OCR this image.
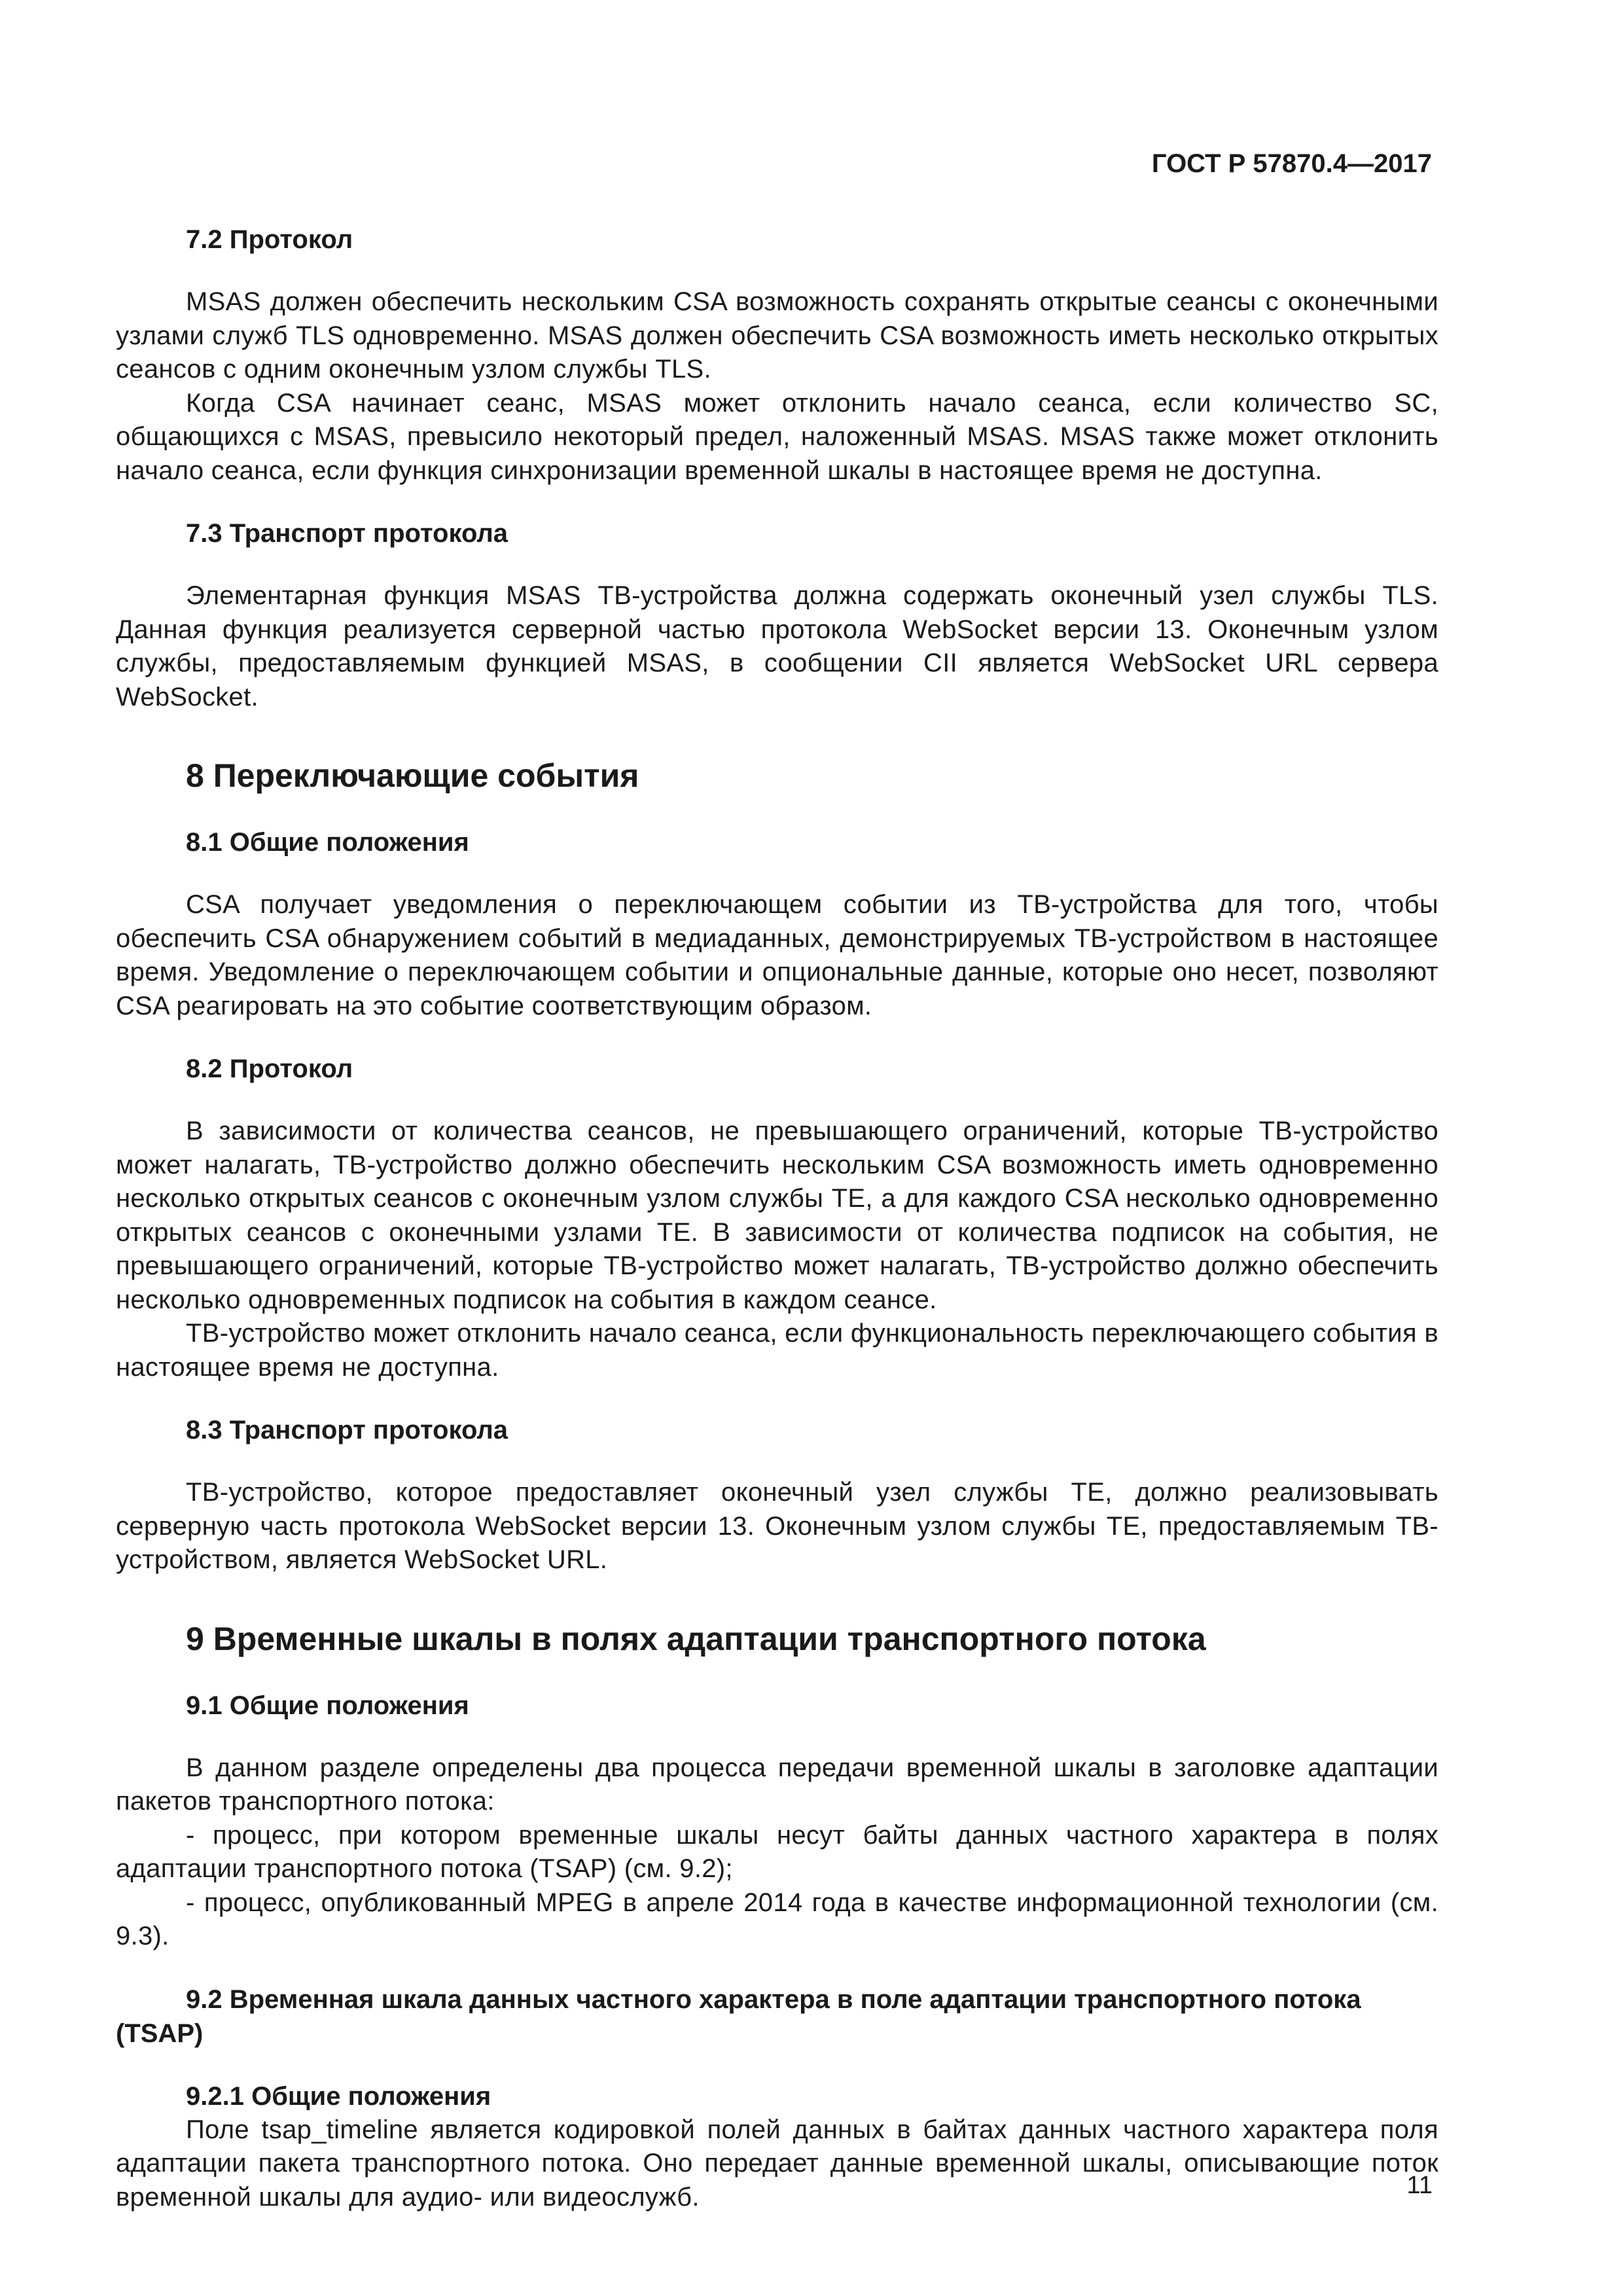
ГОСТ Р 57870.4—2017
7.2 Протокол

MSAS должен обеспечить нескольким CSA возможность сохранять открытые сеансы с оконечными узлами служб TLS одновременно. MSAS должен обеспечить CSA возможность иметь несколько открытых сеансов с одним оконечным узлом службы TLS.

Когда CSA начинает сеанс, MSAS может отклонить начало сеанса, если количество SC, общающихся с MSAS, превысило некоторый предел, наложенный MSAS. MSAS также может отклонить начало сеанса, если функция синхронизации временной шкалы в настоящее время не доступна.

7.3 Транспорт протокола

Элементарная функция MSAS ТВ-устройства должна содержать оконечный узел службы TLS. Данная функция реализуется серверной частью протокола WebSocket версии 13. Оконечным узлом службы, предоставляемым функцией MSAS, в сообщении CII является WebSocket URL сервера WebSocket.

8 Переключающие события
8.1 Общие положения

CSA получает уведомления о переключающем событии из ТВ-устройства для того, чтобы обеспечить CSA обнаружением событий в медиаданных, демонстрируемых ТВ-устройством в настоящее время. Уведомление о переключающем событии и опциональные данные, которые оно несет, позволяют CSA реагировать на это событие соответствующим образом.

8.2 Протокол

В зависимости от количества сеансов, не превышающего ограничений, которые ТВ-устройство может налагать, ТВ-устройство должно обеспечить нескольким CSA возможность иметь одновременно несколько открытых сеансов с оконечным узлом службы TE, а для каждого CSA несколько одновременно открытых сеансов с оконечными узлами TE. В зависимости от количества подписок на события, не превышающего ограничений, которые ТВ-устройство может налагать, ТВ-устройство должно обеспечить несколько одновременных подписок на события в каждом сеансе.

ТВ-устройство может отклонить начало сеанса, если функциональность переключающего события в настоящее время не доступна.

8.3 Транспорт протокола

ТВ-устройство, которое предоставляет оконечный узел службы TE, должно реализовывать серверную часть протокола WebSocket версии 13. Оконечным узлом службы TE, предоставляемым ТВ-устройством, является WebSocket URL.

9 Временные шкалы в полях адаптации транспортного потока
9.1 Общие положения

В данном разделе определены два процесса передачи временной шкалы в заголовке адаптации пакетов транспортного потока:

- процесс, при котором временные шкалы несут байты данных частного характера в полях адаптации транспортного потока (TSAP) (см. 9.2);

- процесс, опубликованный MPEG в апреле 2014 года в качестве информационной технологии (см. 9.3).

9.2 Временная шкала данных частного характера в поле адаптации транспортного потока (TSAP)
9.2.1 Общие положения

Поле tsap_timeline является кодировкой полей данных в байтах данных частного характера поля адаптации пакета транспортного потока. Оно передает данные временной шкалы, описывающие поток временной шкалы для аудио- или видеослужб.	11
